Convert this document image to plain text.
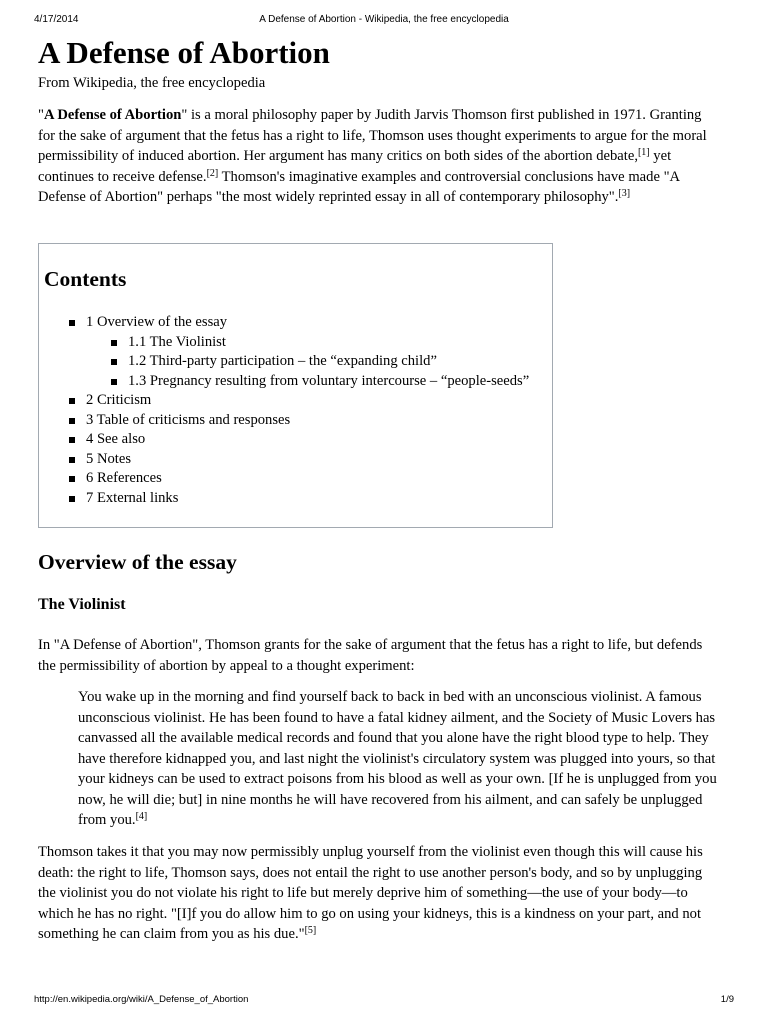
4/17/2014	A Defense of Abortion - Wikipedia, the free encyclopedia
A Defense of Abortion
From Wikipedia, the free encyclopedia
"A Defense of Abortion" is a moral philosophy paper by Judith Jarvis Thomson first published in 1971. Granting for the sake of argument that the fetus has a right to life, Thomson uses thought experiments to argue for the moral permissibility of induced abortion. Her argument has many critics on both sides of the abortion debate,[1] yet continues to receive defense.[2] Thomson's imaginative examples and controversial conclusions have made "A Defense of Abortion" perhaps "the most widely reprinted essay in all of contemporary philosophy".[3]
Contents
1 Overview of the essay
1.1 The Violinist
1.2 Third-party participation – the “expanding child”
1.3 Pregnancy resulting from voluntary intercourse – “people-seeds”
2 Criticism
3 Table of criticisms and responses
4 See also
5 Notes
6 References
7 External links
Overview of the essay
The Violinist

In "A Defense of Abortion", Thomson grants for the sake of argument that the fetus has a right to life, but defends the permissibility of abortion by appeal to a thought experiment:

You wake up in the morning and find yourself back to back in bed with an unconscious violinist. A famous unconscious violinist. He has been found to have a fatal kidney ailment, and the Society of Music Lovers has canvassed all the available medical records and found that you alone have the right blood type to help. They have therefore kidnapped you, and last night the violinist's circulatory system was plugged into yours, so that your kidneys can be used to extract poisons from his blood as well as your own. [If he is unplugged from you now, he will die; but] in nine months he will have recovered from his ailment, and can safely be unplugged from you.[4]

Thomson takes it that you may now permissibly unplug yourself from the violinist even though this will cause his death: the right to life, Thomson says, does not entail the right to use another person's body, and so by unplugging the violinist you do not violate his right to life but merely deprive him of something—the use of your body—to which he has no right. "[I]f you do allow him to go on using your kidneys, this is a kindness on your part, and not something he can claim from you as his due."[5]

http://en.wikipedia.org/wiki/A_Defense_of_Abortion	1/9
